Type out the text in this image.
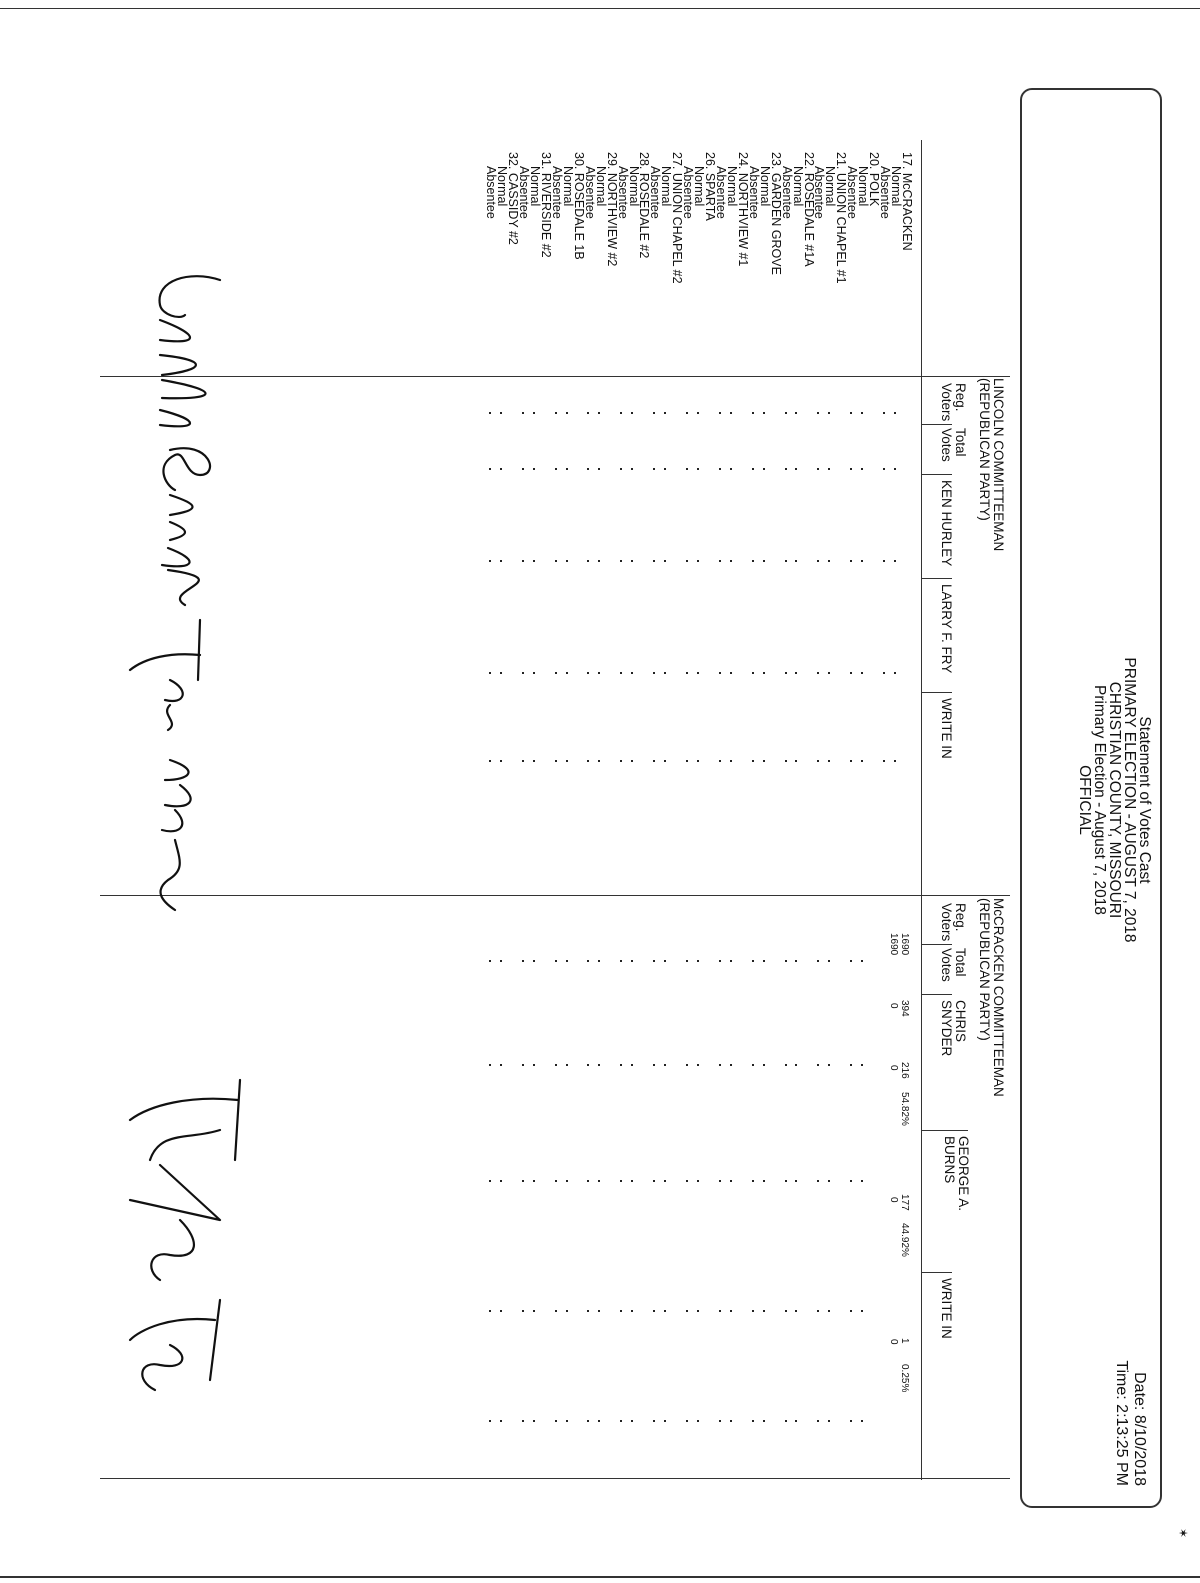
Statement of Votes Cast
PRIMARY ELECTION - AUGUST 7, 2018
CHRISTIAN COUNTY, MISSOURI
Primary Election - August 7, 2018
OFFICIAL
Date: 8/10/2018
Time: 2:13:25 PM
LINCOLN COMMITTEEMAN
(REPUBLICAN PARTY)
McCRACKEN COMMITTEEMAN
(REPUBLICAN PARTY)
Reg.
Voters
Total
Votes
KEN HURLEY
LARRY F. FRY
WRITE IN
Reg.
Voters
Total
Votes
CHRIS
SNYDER
GEORGE A.
BURNS
WRITE IN
17. McCRACKEN
Normal
Absentee
20. POLK
Normal
Absentee
21. UNION CHAPEL #1
Normal
Absentee
22. ROSEDALE #1A
Normal
Absentee
23. GARDEN GROVE
Normal
Absentee
24. NORTHVIEW #1
Normal
Absentee
26. SPARTA
Normal
Absentee
27. UNION CHAPEL #2
Normal
Absentee
28. ROSEDALE #2
Normal
Absentee
29. NORTHVIEW #2
Normal
Absentee
30. ROSEDALE 1B
Normal
Absentee
31. RIVERSIDE #2
Normal
Absentee
32. CASSIDY #2
Normal
Absentee
1690
394
216
54.82%
177
44.92%
1
0.25%
1690
0
0
0
0
✶
